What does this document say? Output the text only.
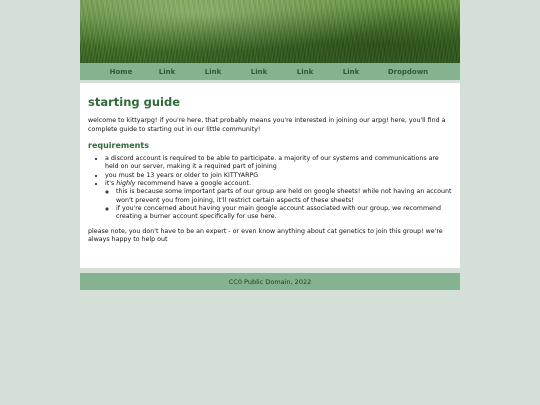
Home	Link	Link	Link	Link	Link	Dropdown
starting guide

welcome to kittyarpg! if you're here, that probably means you're interested in joining our arpg! here, you'll find a complete guide to starting out in our little community!

requirements
• a discord account is required to be able to participate. a majority of our systems and communications are held on our server, making it a required part of joining
• you must be 13 years or older to join KITTYARPG
• it's highly recommend have a google account.
◦ this is because some important parts of our group are held on google sheets! while not having an account won't prevent you from joining, it'll restrict certain aspects of these sheets!
◦ if you're concerned about having your main google account associated with our group, we recommend creating a burner account specifically for use here.

please note, you don't have to be an expert - or even know anything about cat genetics to join this group! we're always happy to help out

CC0 Public Domain, 2022
